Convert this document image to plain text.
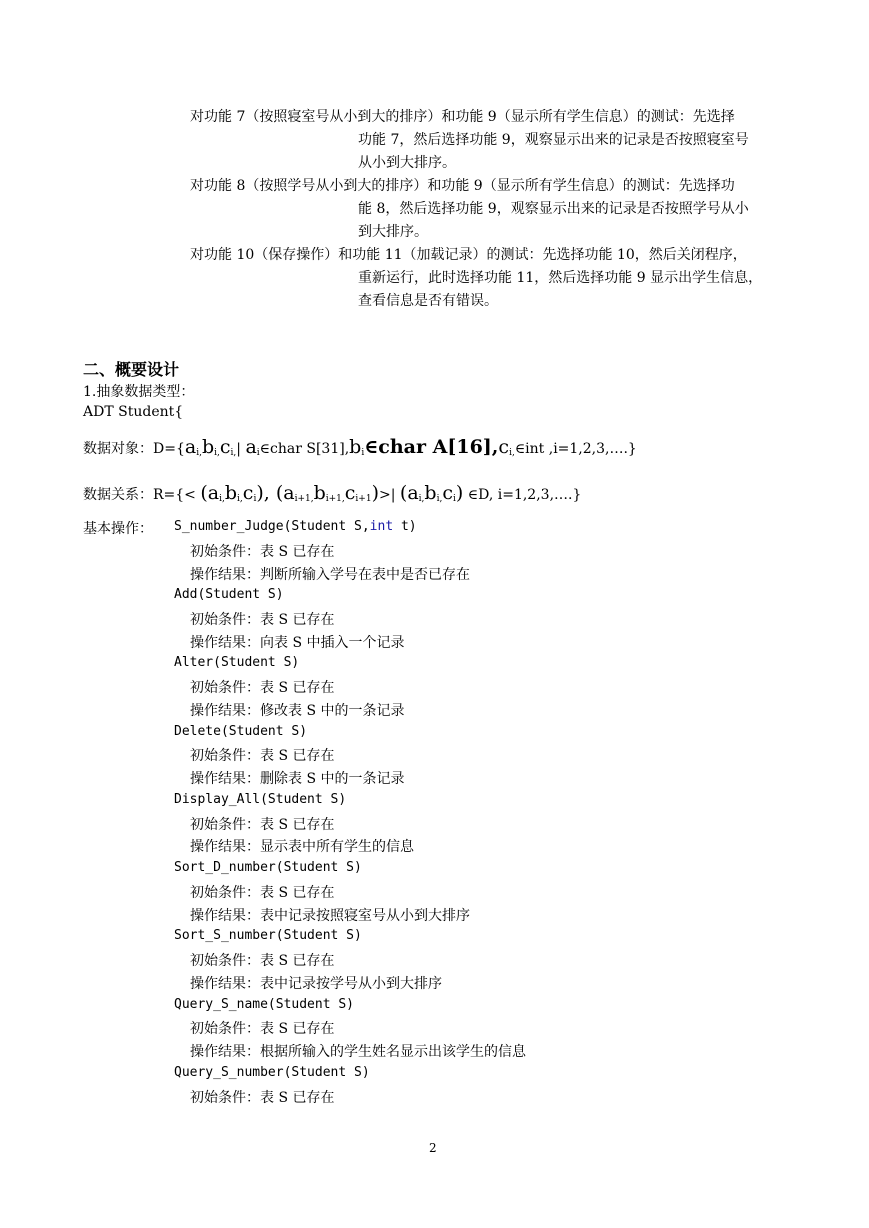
对功能 7（按照寝室号从小到大的排序）和功能 9（显示所有学生信息）的测试：先选择
功能 7，然后选择功能 9，观察显示出来的记录是否按照寝室号
从小到大排序。
对功能 8（按照学号从小到大的排序）和功能 9（显示所有学生信息）的测试：先选择功
能 8，然后选择功能 9，观察显示出来的记录是否按照学号从小
到大排序。
对功能 10（保存操作）和功能 11（加载记录）的测试：先选择功能 10，然后关闭程序，
重新运行，此时选择功能 11，然后选择功能 9 显示出学生信息，
查看信息是否有错误。
二、概要设计
1.抽象数据类型：
ADT Student{
数据对象：$D=\{a_{i,}b_{i,}c_{i,}|$ $a_i\in char$ $S[31],b_i\in char$ $A[16],c_{i,}\in int$ ,i=1,2,3,….}
数据关系：$R=\{< (a_{i,}b_{i,}c_i)$, $(a_{i+1,}b_{i+1,}c_{i+1})>|$ $(a_{i,}b_{i,}c_i)$ ∈D, i=1,2,3,….}
基本操作： S_number_Judge(Student S,int t)
初始条件：表 S 已存在
操作结果：判断所输入学号在表中是否已存在
Add(Student S)
初始条件：表 S 已存在
操作结果：向表 S 中插入一个记录
Alter(Student S)
初始条件：表 S 已存在
操作结果：修改表 S 中的一条记录
Delete(Student S)
初始条件：表 S 已存在
操作结果：删除表 S 中的一条记录
Display_All(Student S)
初始条件：表 S 已存在
操作结果：显示表中所有学生的信息
Sort_D_number(Student S)
初始条件：表 S 已存在
操作结果：表中记录按照寝室号从小到大排序
Sort_S_number(Student S)
初始条件：表 S 已存在
操作结果：表中记录按学号从小到大排序
Query_S_name(Student S)
初始条件：表 S 已存在
操作结果：根据所输入的学生姓名显示出该学生的信息
Query_S_number(Student S)
初始条件：表 S 已存在
2
